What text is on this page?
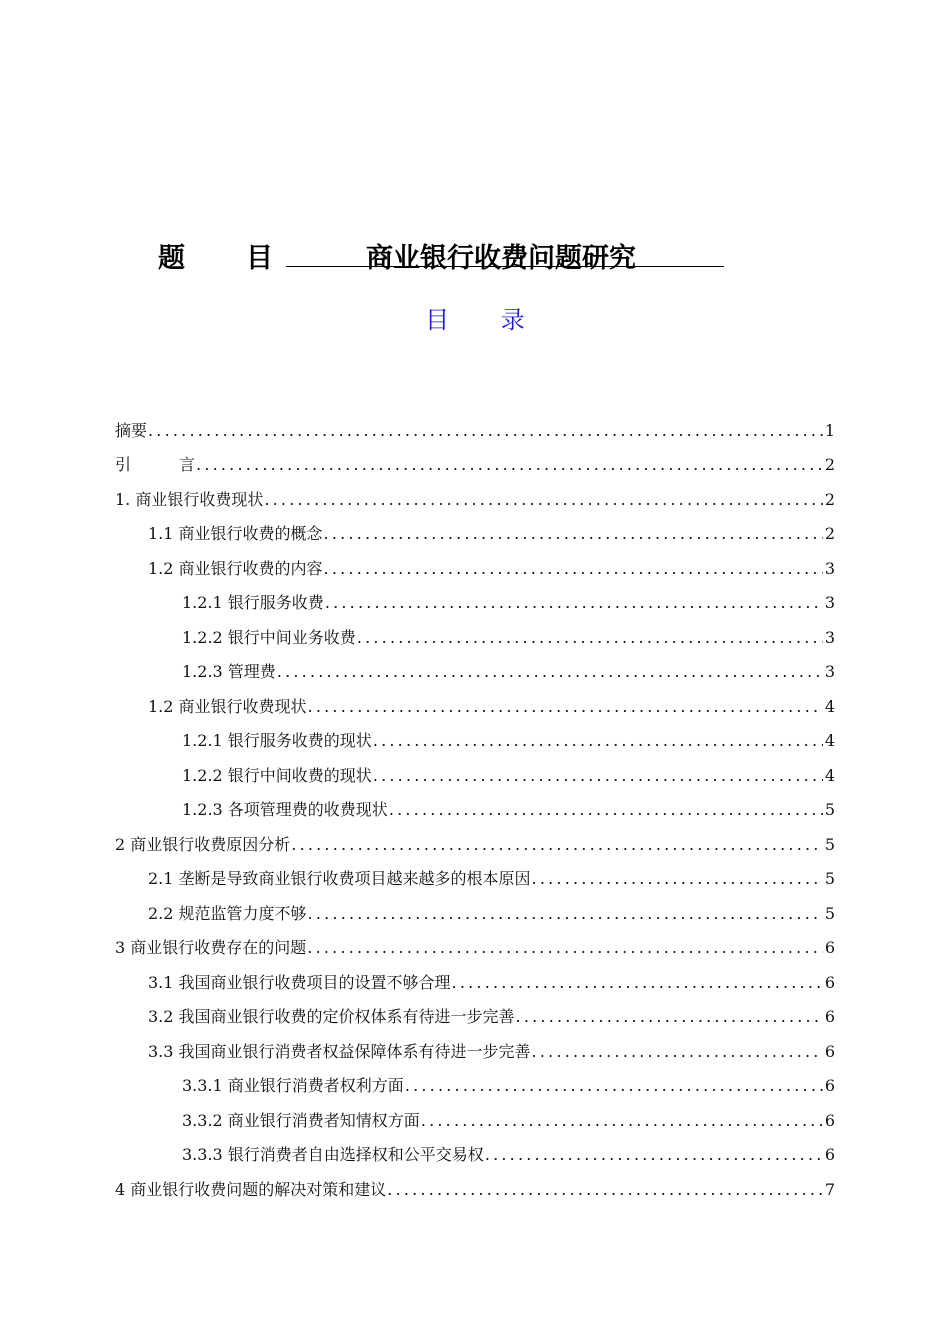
题 目	商业银行收费问题研究
目 录
摘要 .....	1
引	言 .....	2
1. 商业银行收费现状 .....	2
1.1 商业银行收费的概念 .....	2
1.2 商业银行收费的内容 .....	3
1.2.1 银行服务收费 .....	3
1.2.2 银行中间业务收费 .....	3
1.2.3 管理费 .....	3
1.2 商业银行收费现状 .....	4
1.2.1 银行服务收费的现状 .....	4
1.2.2 银行中间收费的现状 .....	4
1.2.3 各项管理费的收费现状 .....	5
2 商业银行收费原因分析 .....	5
2.1 垄断是导致商业银行收费项目越来越多的根本原因 .....	5
2.2 规范监管力度不够 .....	5
3 商业银行收费存在的问题 .....	6
3.1 我国商业银行收费项目的设置不够合理 .....	6
3.2 我国商业银行收费的定价权体系有待进一步完善 .....	6
3.3 我国商业银行消费者权益保障体系有待进一步完善 .....	6
3.3.1 商业银行消费者权利方面 .....	6
3.3.2 商业银行消费者知情权方面 .....	6
3.3.3 银行消费者自由选择权和公平交易权 .....	6
4 商业银行收费问题的解决对策和建议 .....	7
